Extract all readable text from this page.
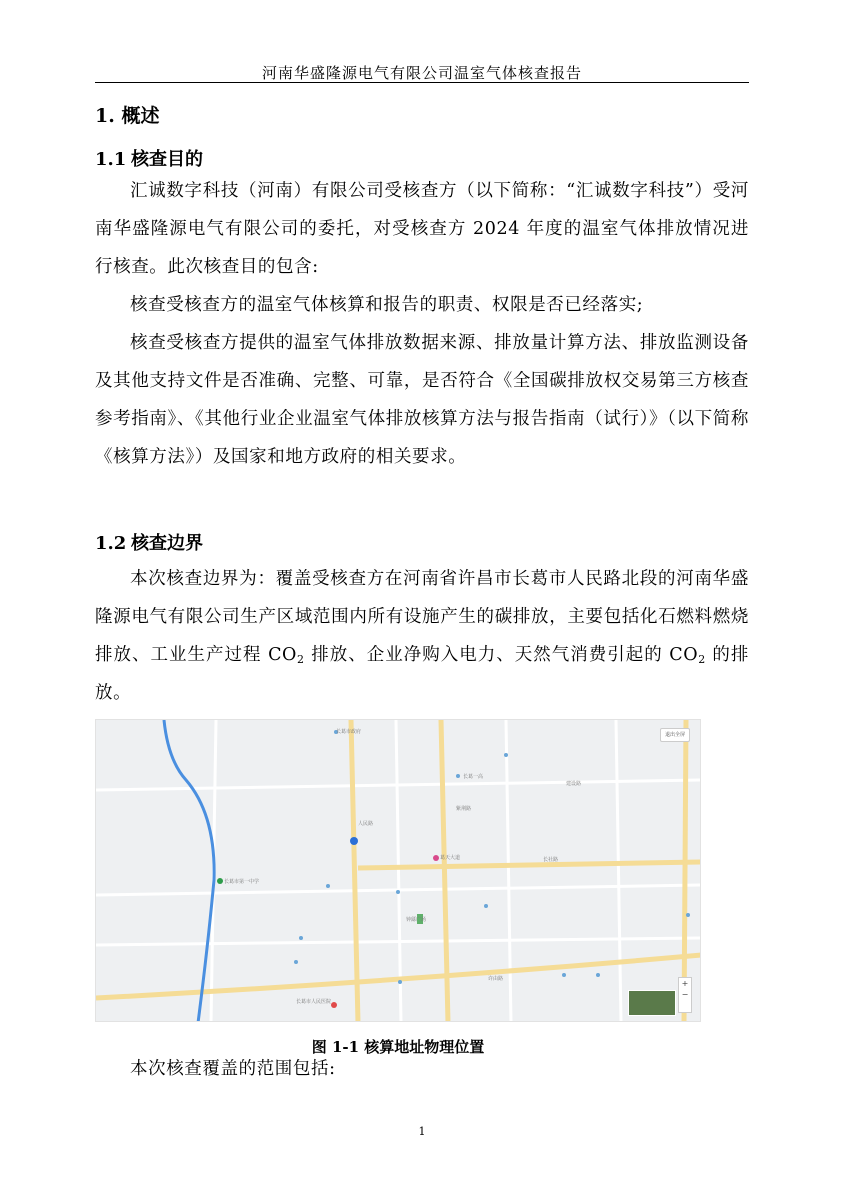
河南华盛隆源电气有限公司温室气体核查报告
1. 概述
1.1 核查目的

汇诚数字科技（河南）有限公司受核查方（以下简称：“汇诚数字科技”）受河南华盛隆源电气有限公司的委托，对受核查方 2024 年度的温室气体排放情况进行核查。此次核查目的包含:

核查受核查方的温室气体核算和报告的职责、权限是否已经落实;

核查受核查方提供的温室气体排放数据来源、排放量计算方法、排放监测设备及其他支持文件是否准确、完整、可靠，是否符合《全国碳排放权交易第三方核查参考指南》、《其他行业企业温室气体排放核算方法与报告指南（试行）》（以下简称《核算方法》）及国家和地方政府的相关要求。

1.2 核查边界

本次核查边界为：覆盖受核查方在河南省许昌市长葛市人民路北段的河南华盛隆源电气有限公司生产区域范围内所有设施产生的碳排放，主要包括化石燃料燃烧排放、工业生产过程 $CO_2$ 排放、企业净购入电力、天然气消费引起的 $CO_2$ 的排放。

长葛市政府
长葛一高
紫荆路
人民路
长葛市第一中学
钟繇广场
葛天大道	长社路
许由路
长葛市人民医院
建设路
退出全屏
+
−
图 1-1 核算地址物理位置

本次核查覆盖的范围包括:

1
